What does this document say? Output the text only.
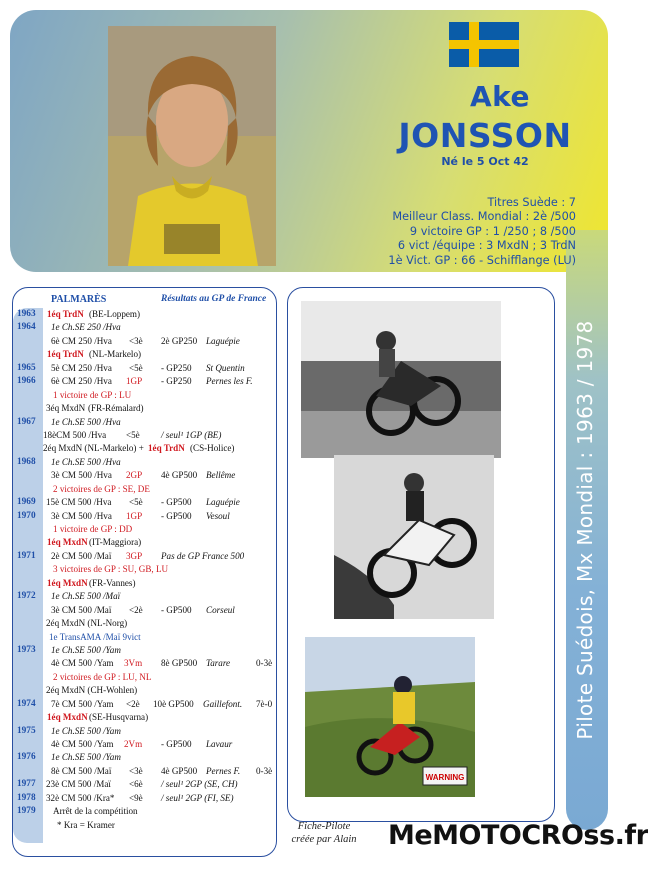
Pilote Suédois, Mx Mondial : 1963 / 1978
Ake
JONSSON
Né le 5 Oct 42
Titres Suède : 7
Meilleur Class. Mondial : 2è /500
9 victoire GP : 1 /250 ; 8 /500
6 vict /équipe : 3 MxdN ; 3 TrdN
1è Vict. GP : 66 - Schifflange (LU)
PALMARÈS	Résultats au GP de France
1963	1éq TrdN (BE-Loppem)
1964	1e Ch.SE 250 /Hva
6è CM 250 /Hva <3è 2è GP250 Laguépie
1éq TrdN (NL-Markelo)
1965	5è CM 250 /Hva <5è - GP250 St Quentin
1966	6è CM 250 /Hva 1GP - GP250 Pernes les F.
1 victoire de GP : LU
3éq MxdN (FR-Rémalard)
1967	1e Ch.SE 500 /Hva
18èCM 500 /Hva <5è / seul¹ 1GP (BE)
2éq MxdN (NL-Markelo) + 1éq TrdN (CS-Holice)
1968	1e Ch.SE 500 /Hva
3è CM 500 /Hva 2GP 4è GP500 Bellême
2 victoires de GP : SE, DE
1969	15è CM 500 /Hva <5è - GP500 Laguépie
1970	3è CM 500 /Hva 1GP - GP500 Vesoul
1 victoire de GP : DD
1éq MxdN (IT-Maggiora)
1971	2è CM 500 /Maï 3GP Pas de GP France 500
3 victoires de GP : SU, GB, LU
1éq MxdN (FR-Vannes)
1972	1e Ch.SE 500 /Maï
3è CM 500 /Maï <2è - GP500 Corseul
2éq MxdN (NL-Norg)
1e TransAMA /Maï 9vict
1973	1e Ch.SE 500 /Yam
4è CM 500 /Yam 3Vm 8è GP500 Tarare	0-3è
2 victoires de GP : LU, NL
2éq MxdN (CH-Wohlen)
1974	7è CM 500 /Yam <2è 10è GP500 Gaillefont. 7è-0
1éq MxdN (SE-Husqvarna)
1975	1e Ch.SE 500 /Yam
4è CM 500 /Yam 2Vm - GP500 Lavaur
1976	1e Ch.SE 500 /Yam
8è CM 500 /Maï <3è 4è GP500 Pernes F. 0-3è
1977	23è CM 500 /Maï <6è / seul¹ 2GP (SE, CH)
1978	32è CM 500 /Kra* <9è / seul¹ 2GP (FI, SE)
1979	Arrêt de la compétition
* Kra = Kramer
WARNING
Fiche-Pilote
créée par Alain	MeMOTOCROss.fr
